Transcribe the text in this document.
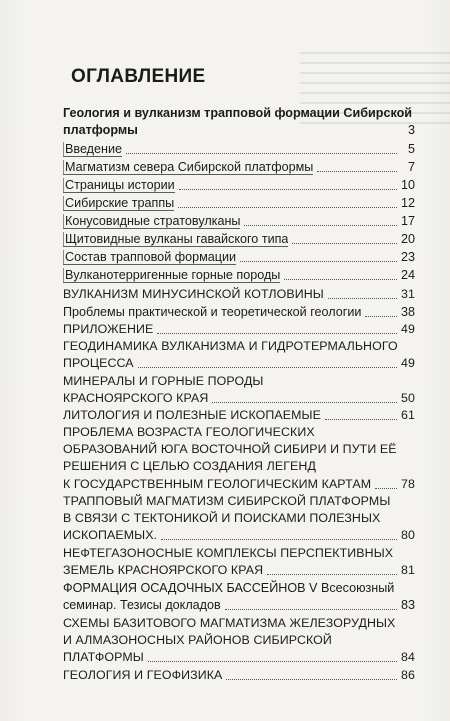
ОГЛАВЛЕНИЕ
Геология и вулканизм трапповой формации Сибирской
платформы	3
Введение	5
Магматизм севера Сибирской платформы	7
Страницы истории	10
Сибирские траппы	12
Конусовидные стратовулканы	17
Щитовидные вулканы гавайского типа	20
Состав трапповой формации	23
Вулканотерригенные горные породы	24
ВУЛКАНИЗМ МИНУСИНСКОЙ КОТЛОВИНЫ	31
Проблемы практической и теоретической геологии	38
ПРИЛОЖЕНИЕ	49
ГЕОДИНАМИКА ВУЛКАНИЗМА И ГИДРОТЕРМАЛЬНОГО
ПРОЦЕССА	49
МИНЕРАЛЫ И ГОРНЫЕ ПОРОДЫ
КРАСНОЯРСКОГО КРАЯ	50
ЛИТОЛОГИЯ И ПОЛЕЗНЫЕ ИСКОПАЕМЫЕ	61
ПРОБЛЕМА ВОЗРАСТА ГЕОЛОГИЧЕСКИХ
ОБРАЗОВАНИЙ ЮГА ВОСТОЧНОЙ СИБИРИ И ПУТИ ЕЁ
РЕШЕНИЯ С ЦЕЛЬЮ СОЗДАНИЯ ЛЕГЕНД
К ГОСУДАРСТВЕННЫМ ГЕОЛОГИЧЕСКИМ КАРТАМ 78
ТРАППОВЫЙ МАГМАТИЗМ СИБИРСКОЙ ПЛАТФОРМЫ
В СВЯЗИ С ТЕКТОНИКОЙ И ПОИСКАМИ ПОЛЕЗНЫХ
ИСКОПАЕМЫХ.	80
НЕФТЕГАЗОНОСНЫЕ КОМПЛЕКСЫ ПЕРСПЕКТИВНЫХ
ЗЕМЕЛЬ КРАСНОЯРСКОГО КРАЯ	81
ФОРМАЦИЯ ОСАДОЧНЫХ БАССЕЙНОВ V Всесоюзный
семинар. Тезисы докладов	83
СХЕМЫ БАЗИТОВОГО МАГМАТИЗМА ЖЕЛЕЗОРУДНЫХ
И АЛМАЗОНОСНЫХ РАЙОНОВ СИБИРСКОЙ
ПЛАТФОРМЫ	84
ГЕОЛОГИЯ И ГЕОФИЗИКА	86
